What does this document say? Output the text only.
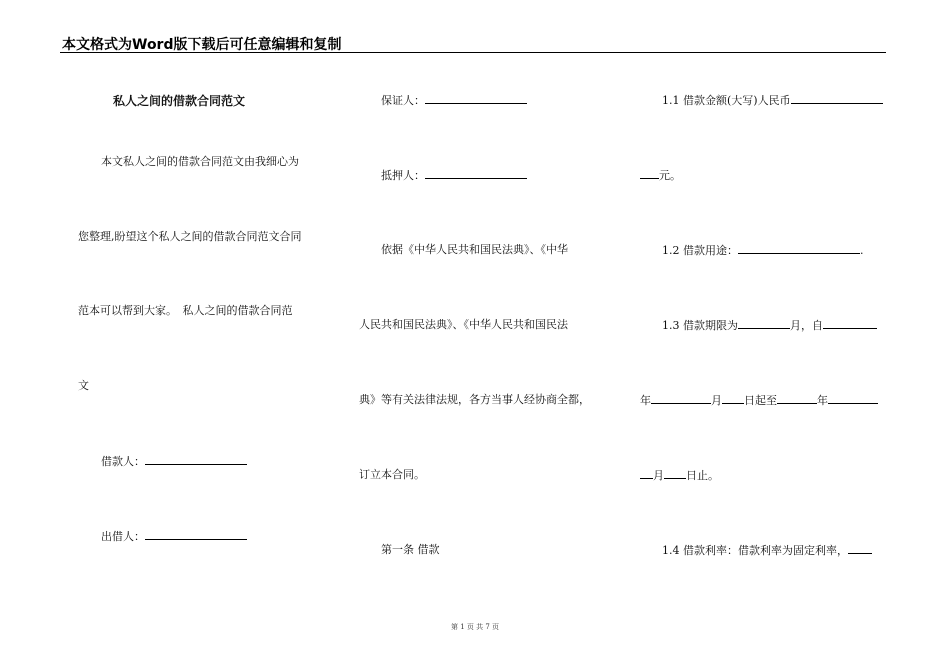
本文格式为Word版下载后可任意编辑和复制
私人之间的借款合同范文
本文私人之间的借款合同范文由我细心为
您整理,盼望这个私人之间的借款合同范文合同
范本可以帮到大家。　私人之间的借款合同范
文
借款人：
出借人：
保证人：
抵押人：
依据《中华人民共和国民法典》、《中华
人民共和国民法典》、《中华人民共和国民法
典》等有关法律法规，各方当事人经协商全都，
订立本合同。
第一条 借款
1.1 借款金额(大写)人民币
元。
1.2 借款用途：	.
1.3 借款期限为	月，自
年	月 日起至	年
月 日止。
1.4 借款利率：借款利率为固定利率，
第 1 页 共 7 页
